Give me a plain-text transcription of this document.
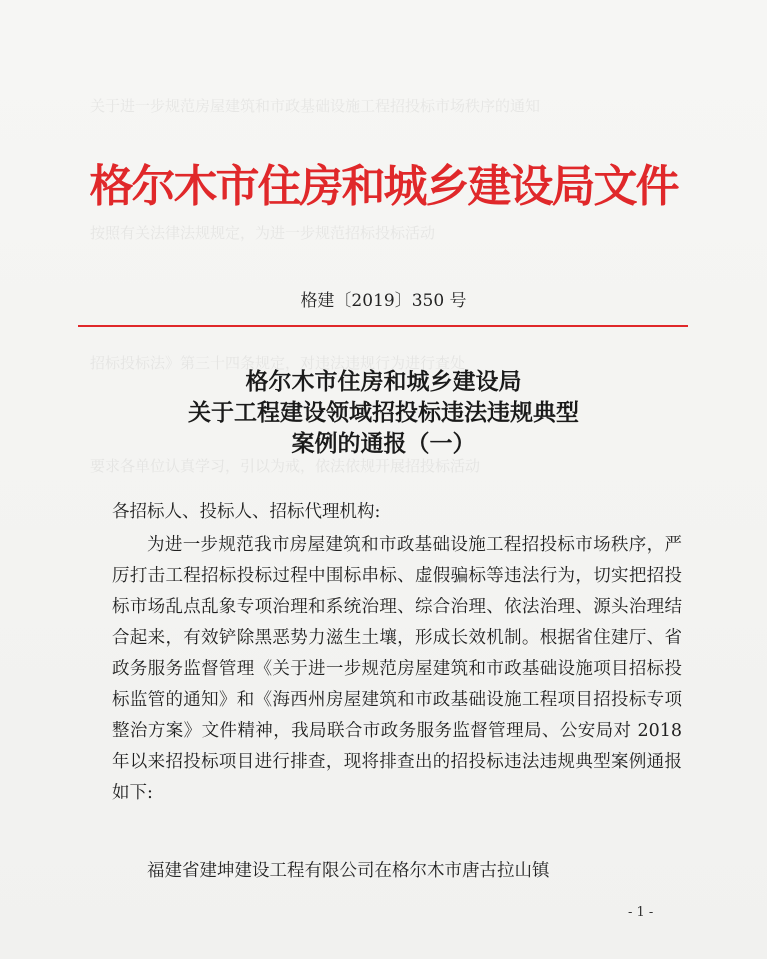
关于进一步规范房屋建筑和市政基础设施工程招投标市场秩序的通知
按照有关法律法规规定，为进一步规范招标投标活动
招标投标法》第三十四条规定，对违法违规行为进行查处
要求各单位认真学习，引以为戒，依法依规开展招投标活动
格尔木市住房和城乡建设局文件
格建〔2019〕350 号
格尔木市住房和城乡建设局
关于工程建设领域招投标违法违规典型
案例的通报（一）
各招标人、投标人、招标代理机构:
为进一步规范我市房屋建筑和市政基础设施工程招投标市场秩序，严厉打击工程招标投标过程中围标串标、虚假骗标等违法行为，切实把招投标市场乱点乱象专项治理和系统治理、综合治理、依法治理、源头治理结合起来，有效铲除黑恶势力滋生土壤，形成长效机制。根据省住建厅、省政务服务监督管理《关于进一步规范房屋建筑和市政基础设施项目招标投标监管的通知》和《海西州房屋建筑和市政基础设施工程项目招投标专项整治方案》文件精神，我局联合市政务服务监督管理局、公安局对 2018 年以来招投标项目进行排查，现将排查出的招投标违法违规典型案例通报如下:
福建省建坤建设工程有限公司在格尔木市唐古拉山镇
- 1 -
